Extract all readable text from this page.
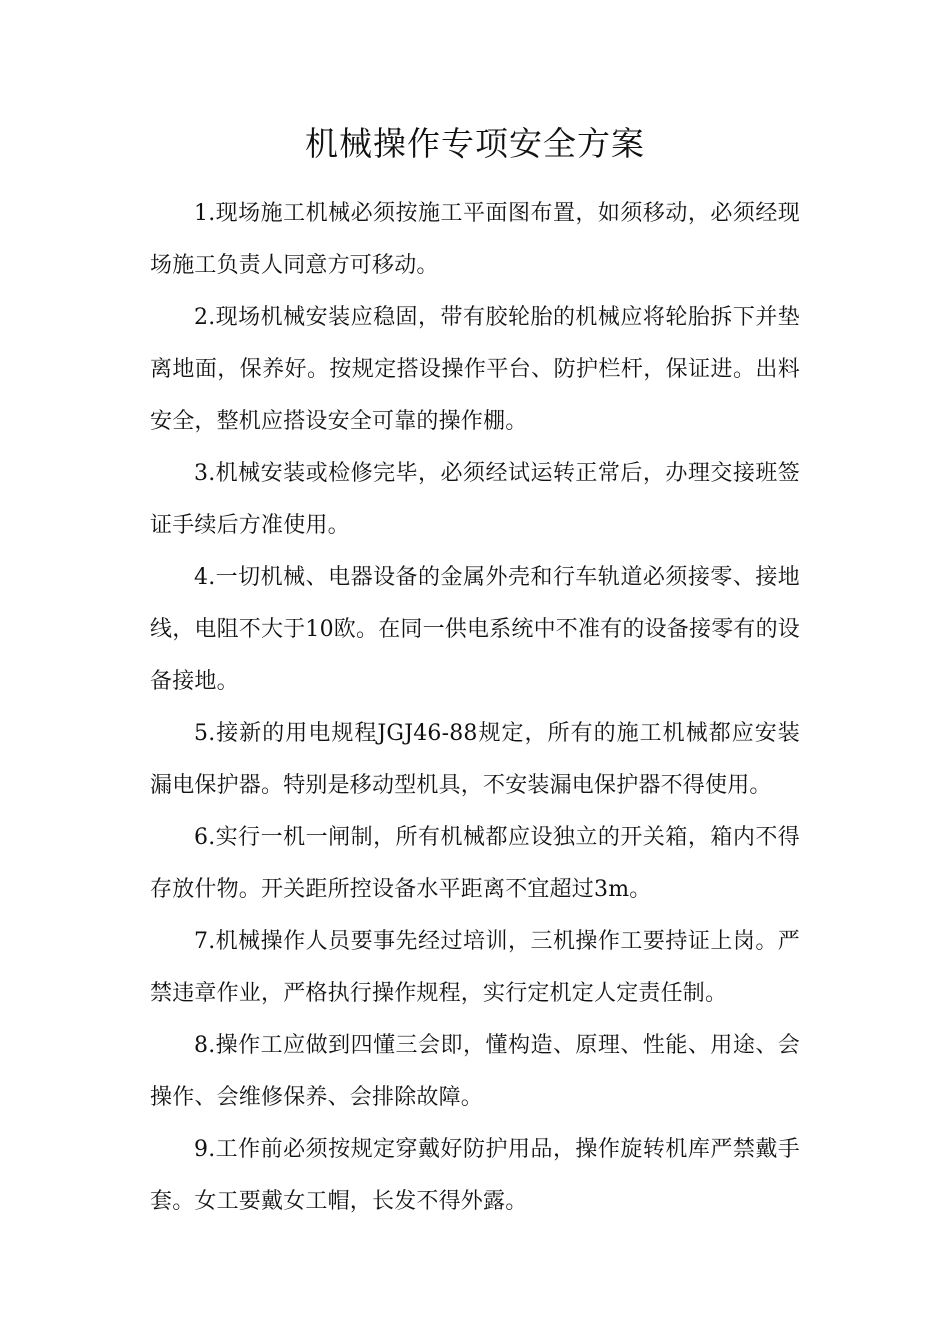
机械操作专项安全方案

1.现场施工机械必须按施工平面图布置，如须移动，必须经现场施工负责人同意方可移动。

2.现场机械安装应稳固，带有胶轮胎的机械应将轮胎拆下并垫离地面，保养好。按规定搭设操作平台、防护栏杆，保证进。出料安全，整机应搭设安全可靠的操作棚。

3.机械安装或检修完毕，必须经试运转正常后，办理交接班签证手续后方准使用。

4.一切机械、电器设备的金属外壳和行车轨道必须接零、接地线，电阻不大于10欧。在同一供电系统中不准有的设备接零有的设备接地。

5.接新的用电规程JGJ46-88规定，所有的施工机械都应安装漏电保护器。特别是移动型机具，不安装漏电保护器不得使用。

6.实行一机一闸制，所有机械都应设独立的开关箱，箱内不得存放什物。开关距所控设备水平距离不宜超过3m。

7.机械操作人员要事先经过培训，三机操作工要持证上岗。严禁违章作业，严格执行操作规程，实行定机定人定责任制。

8.操作工应做到四懂三会即，懂构造、原理、性能、用途、会操作、会维修保养、会排除故障。

9.工作前必须按规定穿戴好防护用品，操作旋转机库严禁戴手套。女工要戴女工帽，长发不得外露。
